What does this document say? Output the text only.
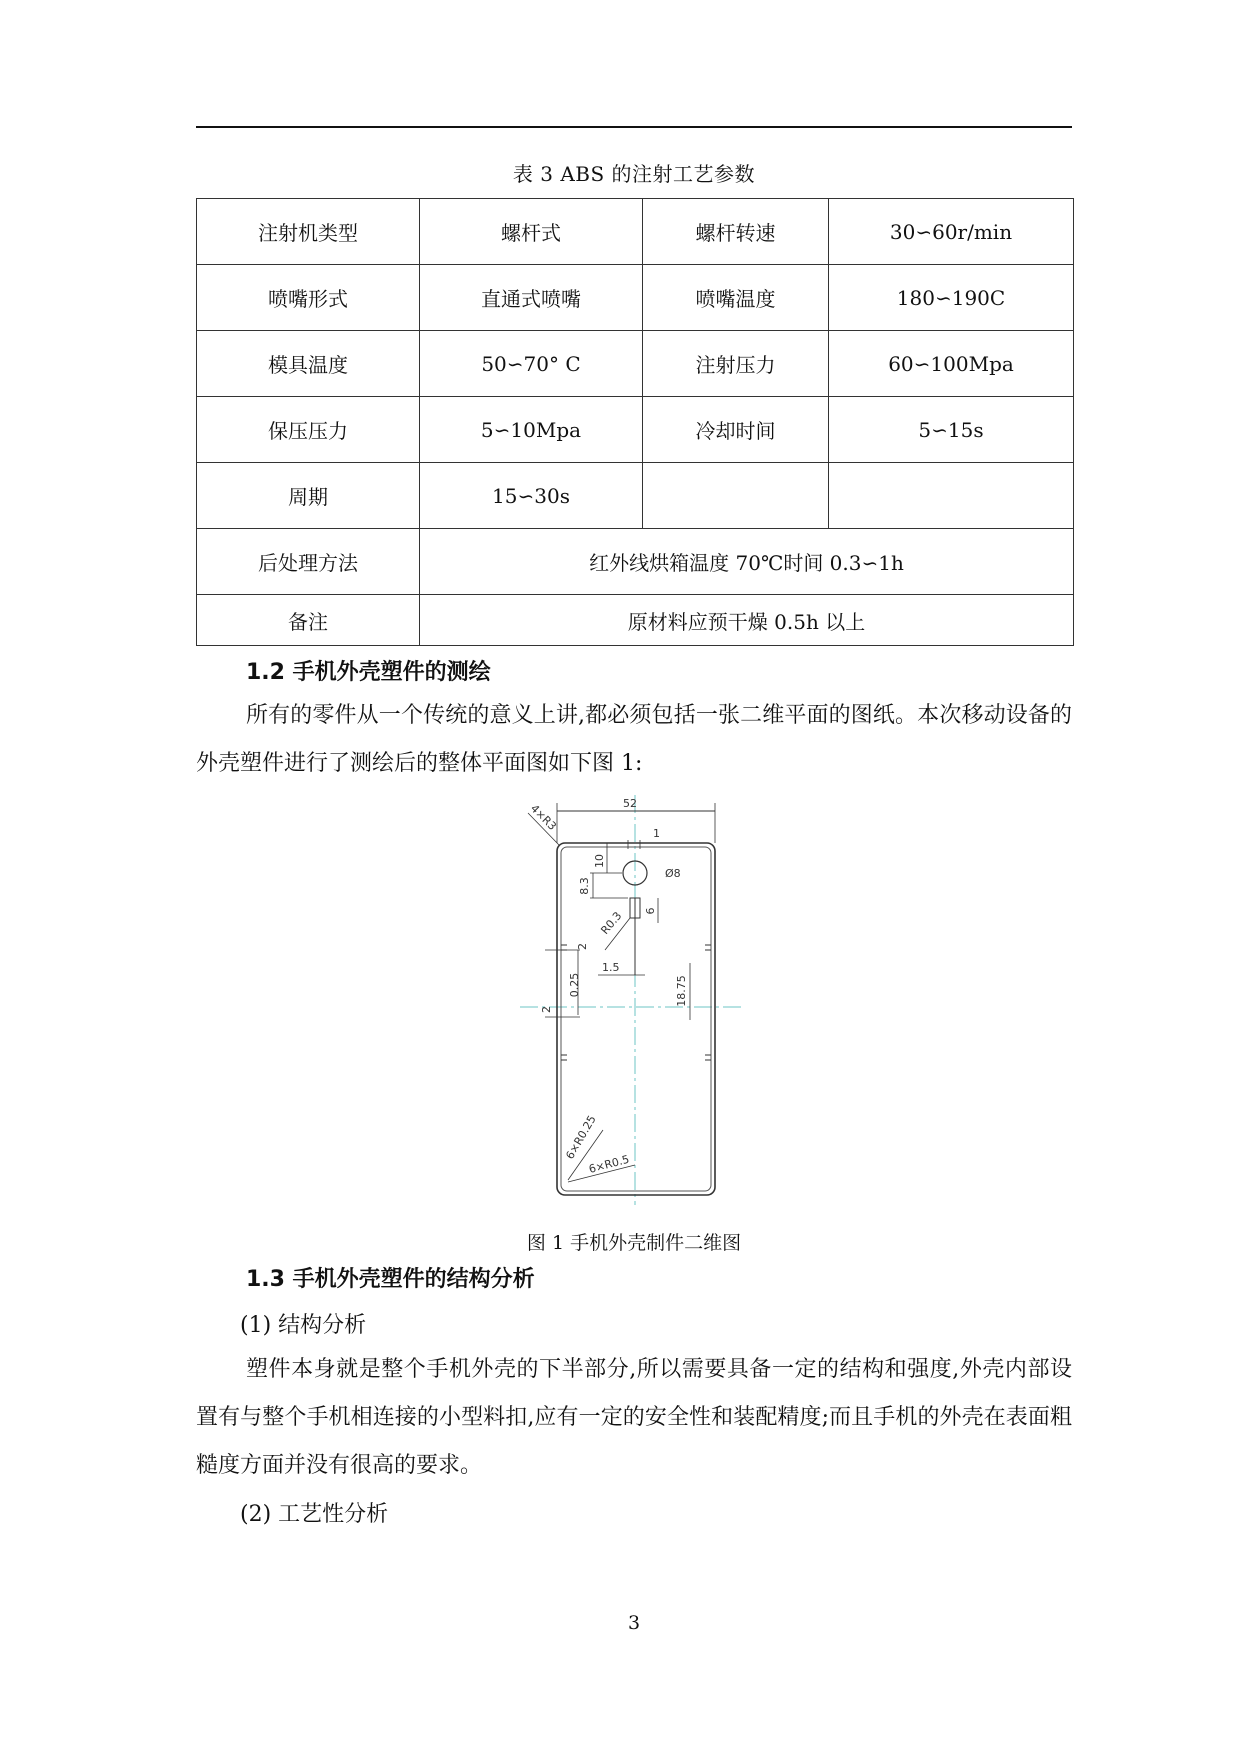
表 3 ABS 的注射工艺参数
注射机类型	螺杆式	螺杆转速	30∽60r/min
喷嘴形式	直通式喷嘴	喷嘴温度	180∽190C
模具温度	50∽70° C	注射压力	60∽100Mpa
保压压力	5∽10Mpa	冷却时间	5∽15s
周期	15∽30s		
后处理方法	红外线烘箱温度 70℃时间 0.3∽1h		
备注	原材料应预干燥 0.5h 以上		
1.2 手机外壳塑件的测绘
所有的零件从一个传统的意义上讲,都必须包括一张二维平面的图纸。本次移动设备的外壳塑件进行了测绘后的整体平面图如下图 1:
52
4×R3
Ø8
10
8.3
1
6
R0.3
1.5
2
0.25
2
18.75
6×R0.25
6×R0.5
图 1 手机外壳制件二维图
1.3 手机外壳塑件的结构分析
(1) 结构分析
塑件本身就是整个手机外壳的下半部分,所以需要具备一定的结构和强度,外壳内部设置有与整个手机相连接的小型料扣,应有一定的安全性和装配精度;而且手机的外壳在表面粗糙度方面并没有很高的要求。
(2) 工艺性分析
3
